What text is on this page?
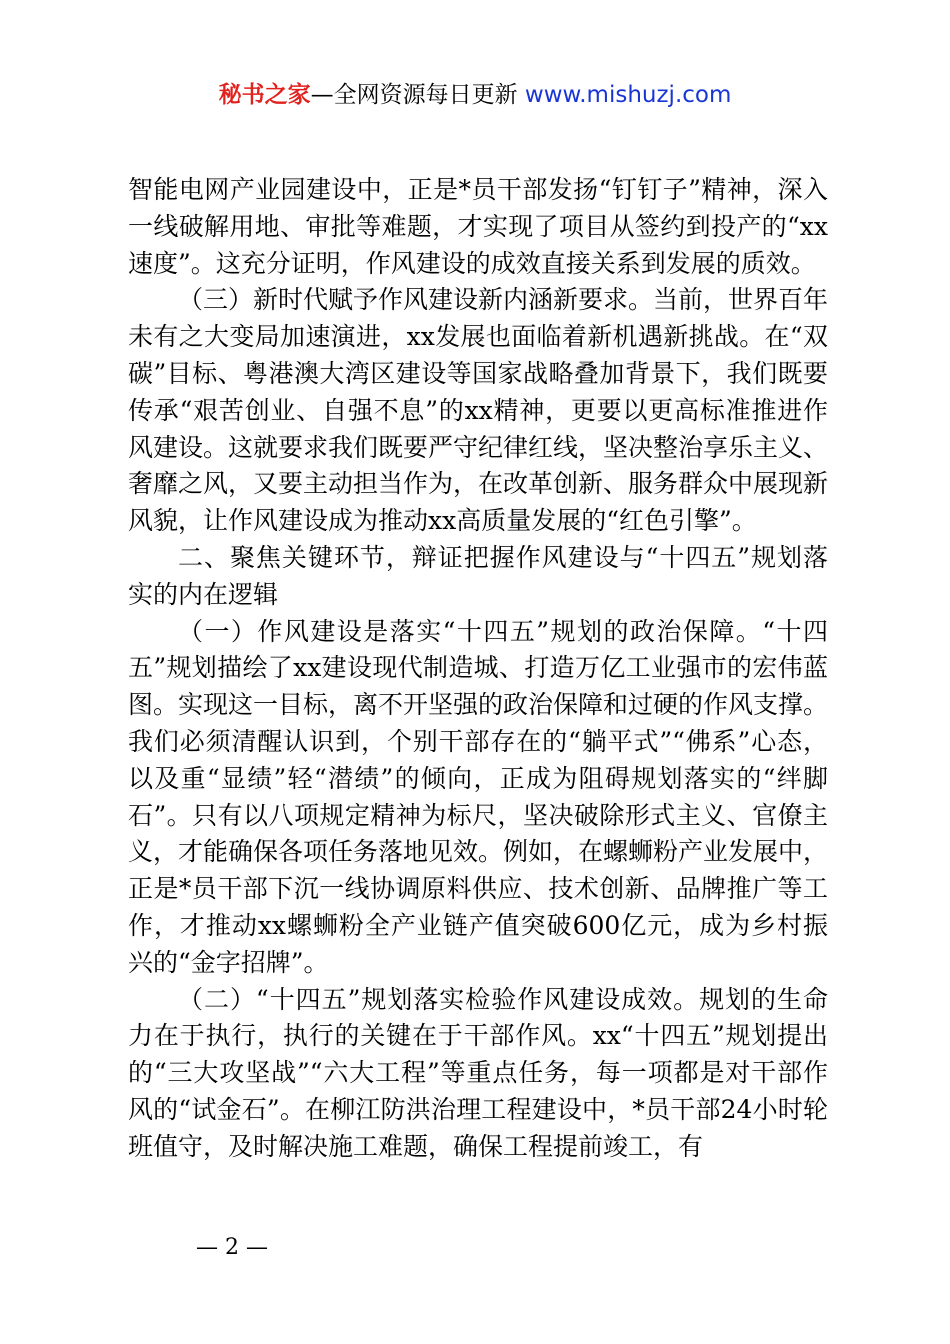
秘书之家—全网资源每日更新 www.mishuzj.com

智能电网产业园建设中，正是*员干部发扬“钉钉子”精神，深入一线破解用地、审批等难题，才实现了项目从签约到投产的“xx速度”。这充分证明，作风建设的成效直接关系到发展的质效。

（三）新时代赋予作风建设新内涵新要求。当前，世界百年未有之大变局加速演进，xx发展也面临着新机遇新挑战。在“双碳”目标、粤港澳大湾区建设等国家战略叠加背景下，我们既要传承“艰苦创业、自强不息”的xx精神，更要以更高标准推进作风建设。这就要求我们既要严守纪律红线，坚决整治享乐主义、奢靡之风，又要主动担当作为，在改革创新、服务群众中展现新风貌，让作风建设成为推动xx高质量发展的“红色引擎”。

二、聚焦关键环节，辩证把握作风建设与“十四五”规划落实的内在逻辑

（一）作风建设是落实“十四五”规划的政治保障。“十四五”规划描绘了xx建设现代制造城、打造万亿工业强市的宏伟蓝图。实现这一目标，离不开坚强的政治保障和过硬的作风支撑。我们必须清醒认识到，个别干部存在的“躺平式”“佛系”心态，以及重“显绩”轻“潜绩”的倾向，正成为阻碍规划落实的“绊脚石”。只有以八项规定精神为标尺，坚决破除形式主义、官僚主义，才能确保各项任务落地见效。例如，在螺蛳粉产业发展中，正是*员干部下沉一线协调原料供应、技术创新、品牌推广等工作，才推动xx螺蛳粉全产业链产值突破600亿元，成为乡村振兴的“金字招牌”。

（二）“十四五”规划落实检验作风建设成效。规划的生命力在于执行，执行的关键在于干部作风。xx“十四五”规划提出的“三大攻坚战”“六大工程”等重点任务，每一项都是对干部作风的“试金石”。在柳江防洪治理工程建设中，*员干部24小时轮班值守，及时解决施工难题，确保工程提前竣工，有

— 2 —
